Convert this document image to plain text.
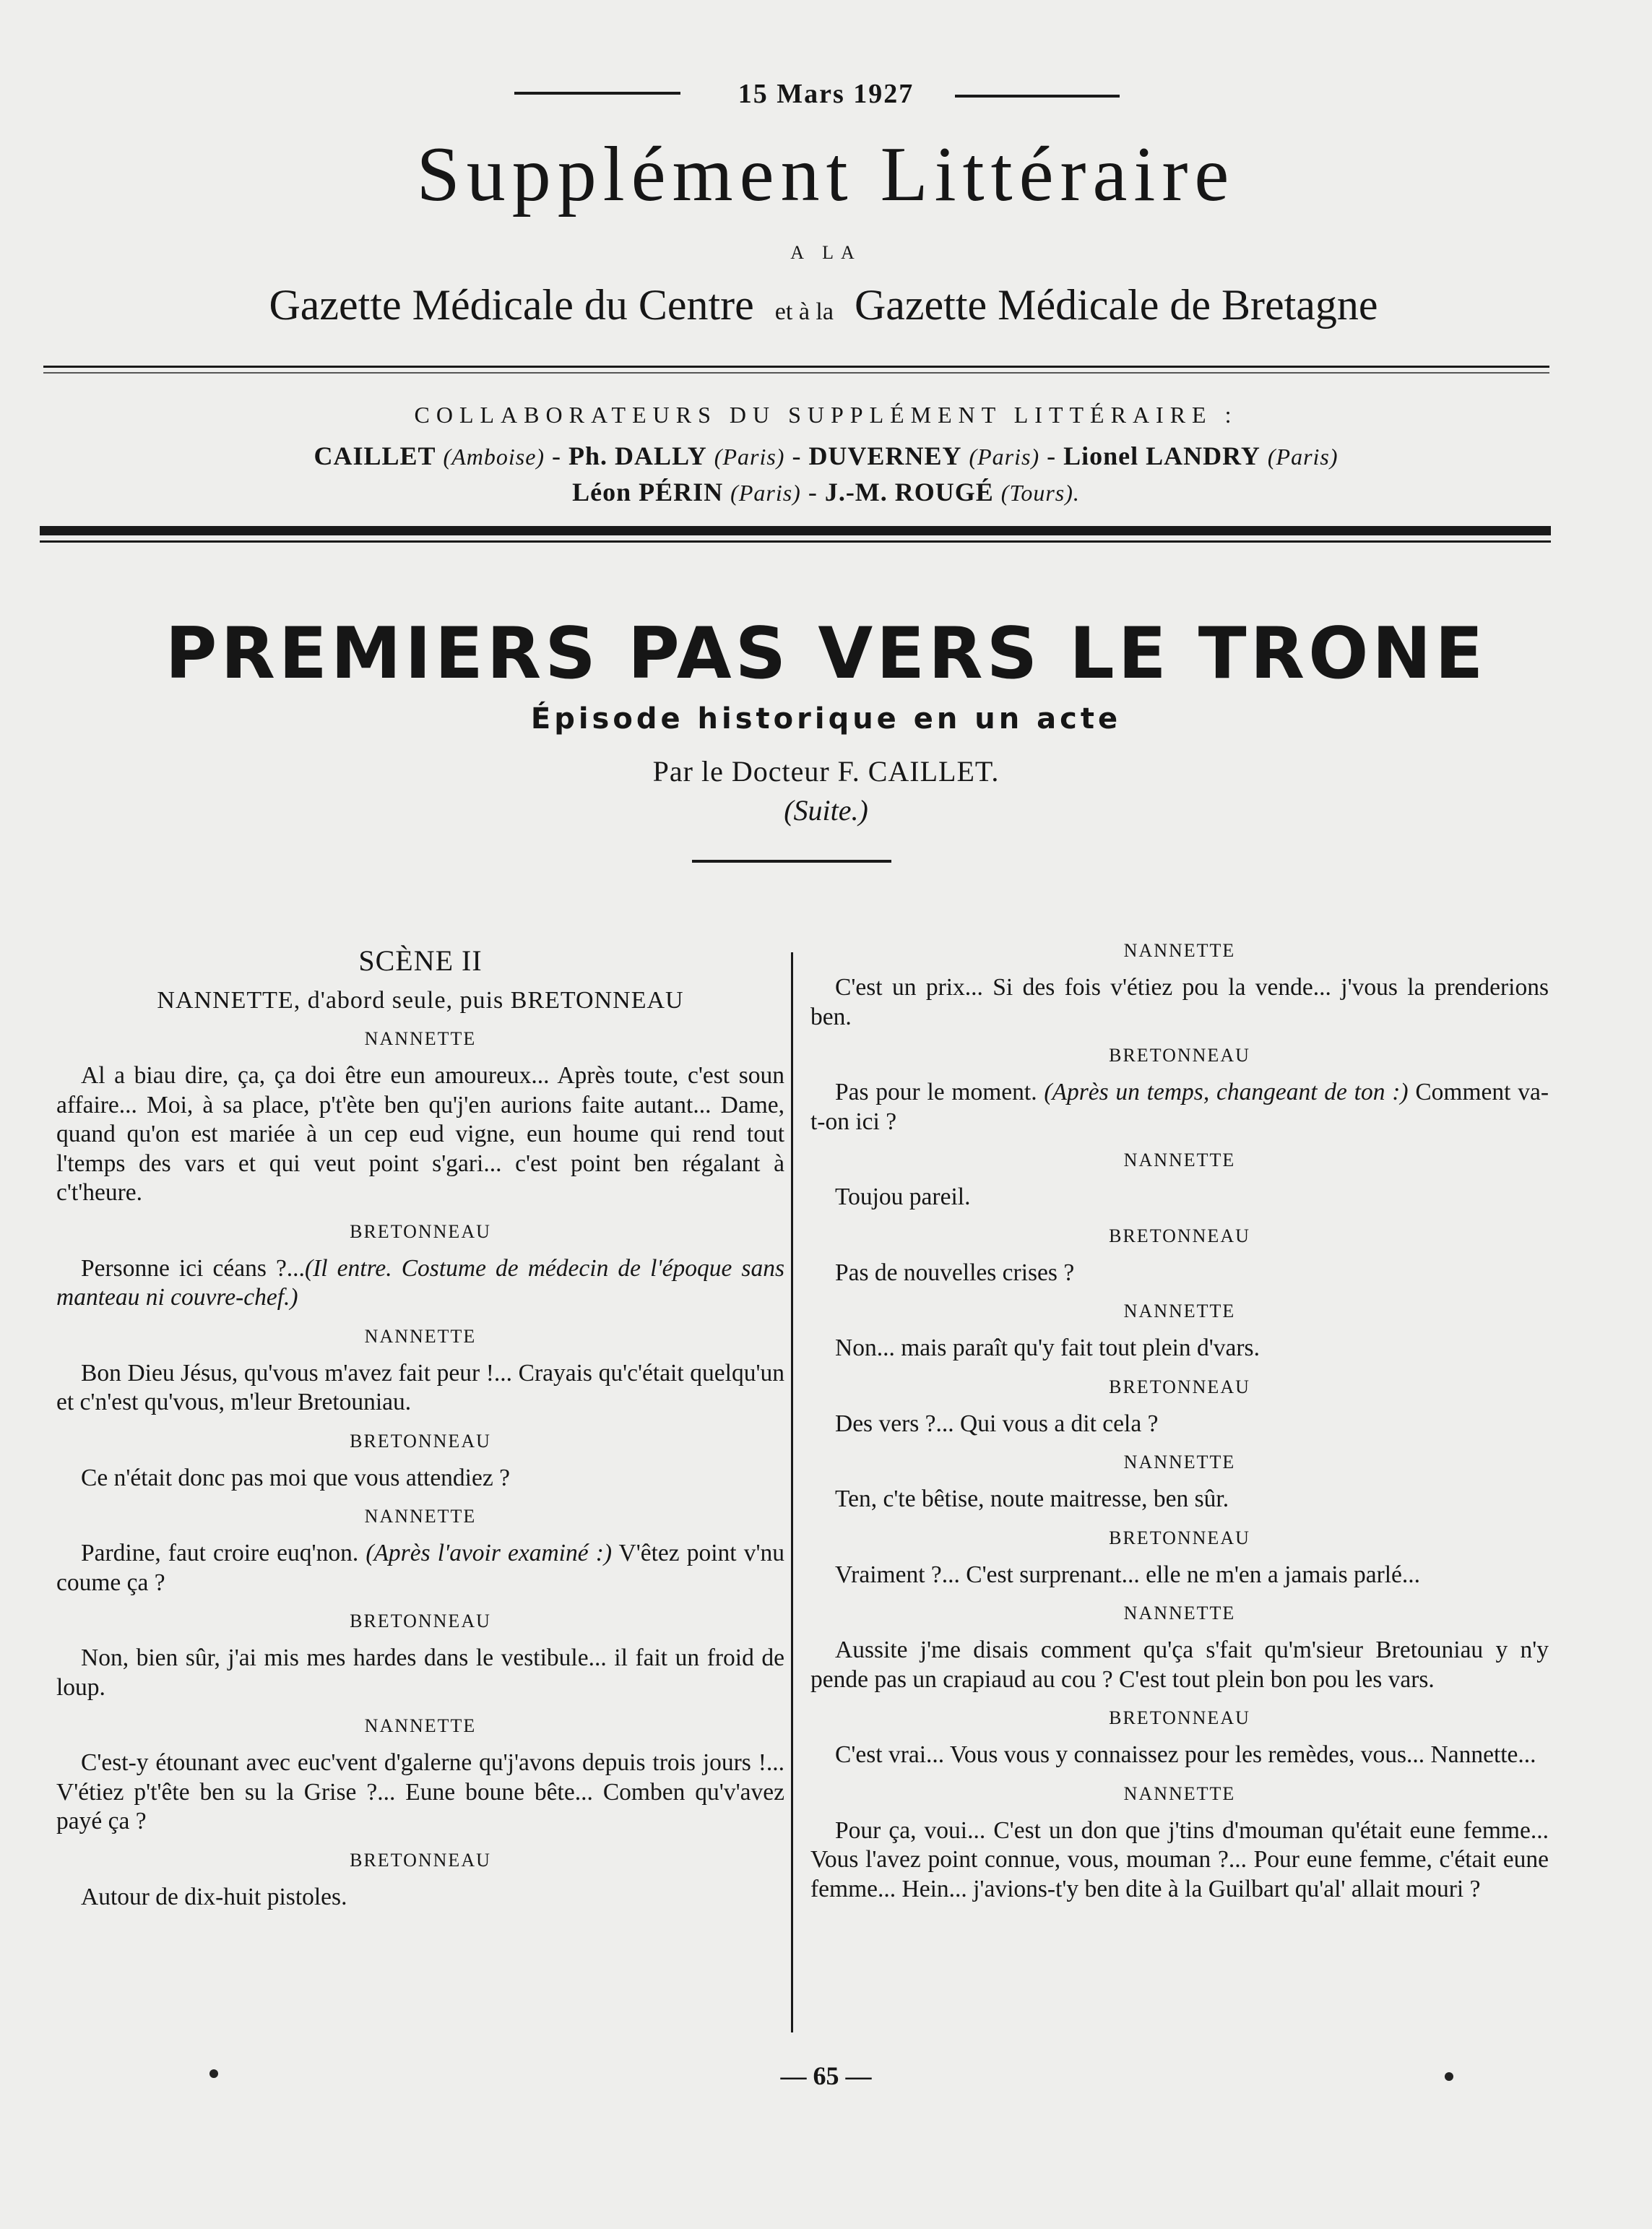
15 Mars 1927
Supplément Littéraire
A LA
Gazette Médicale du Centre et à la Gazette Médicale de Bretagne
COLLABORATEURS DU SUPPLÉMENT LITTÉRAIRE :
CAILLET (Amboise) - Ph. DALLY (Paris) - DUVERNEY (Paris) - Lionel LANDRY (Paris)
Léon PÉRIN (Paris) - J.-M. ROUGÉ (Tours).
PREMIERS PAS VERS LE TRONE
Épisode historique en un acte
Par le Docteur F. CAILLET.
(Suite.)
SCÈNE II
NANNETTE, d'abord seule, puis BRETONNEAU
NANNETTE

Al a biau dire, ça, ça doi être eun amoureux... Après toute, c'est soun affaire... Moi, à sa place, p't'ète ben qu'j'en aurions faite autant... Dame, quand qu'on est mariée à un cep eud vigne, eun houme qui rend tout l'temps des vars et qui veut point s'gari... c'est point ben régalant à c't'heure.

BRETONNEAU

Personne ici céans ?...(Il entre. Costume de médecin de l'époque sans manteau ni couvre-chef.)

NANNETTE

Bon Dieu Jésus, qu'vous m'avez fait peur !... Crayais qu'c'était quelqu'un et c'n'est qu'vous, m'leur Bretouniau.

BRETONNEAU

Ce n'était donc pas moi que vous attendiez ?

NANNETTE

Pardine, faut croire euq'non. (Après l'avoir examiné :) V'êtez point v'nu coume ça ?

BRETONNEAU

Non, bien sûr, j'ai mis mes hardes dans le vestibule... il fait un froid de loup.

NANNETTE

C'est-y étounant avec euc'vent d'galerne qu'j'avons depuis trois jours !... V'étiez p't'ête ben su la Grise ?... Eune boune bête... Comben qu'v'avez payé ça ?

BRETONNEAU

Autour de dix-huit pistoles.

NANNETTE

C'est un prix... Si des fois v'étiez pou la vende... j'vous la prenderions ben.

BRETONNEAU

Pas pour le moment. (Après un temps, changeant de ton :) Comment va-t-on ici ?

NANNETTE

Toujou pareil.

BRETONNEAU

Pas de nouvelles crises ?

NANNETTE

Non... mais paraît qu'y fait tout plein d'vars.

BRETONNEAU

Des vers ?... Qui vous a dit cela ?

NANNETTE

Ten, c'te bêtise, noute maitresse, ben sûr.

BRETONNEAU

Vraiment ?... C'est surprenant... elle ne m'en a jamais parlé...

NANNETTE

Aussite j'me disais comment qu'ça s'fait qu'm'sieur Bretouniau y n'y pende pas un crapiaud au cou ? C'est tout plein bon pou les vars.

BRETONNEAU

C'est vrai... Vous vous y connaissez pour les remèdes, vous... Nannette...

NANNETTE

Pour ça, voui... C'est un don que j'tins d'mouman qu'était eune femme... Vous l'avez point connue, vous, mouman ?... Pour eune femme, c'était eune femme... Hein... j'avions-t'y ben dite à la Guilbart qu'al' allait mouri ?

— 65 —
